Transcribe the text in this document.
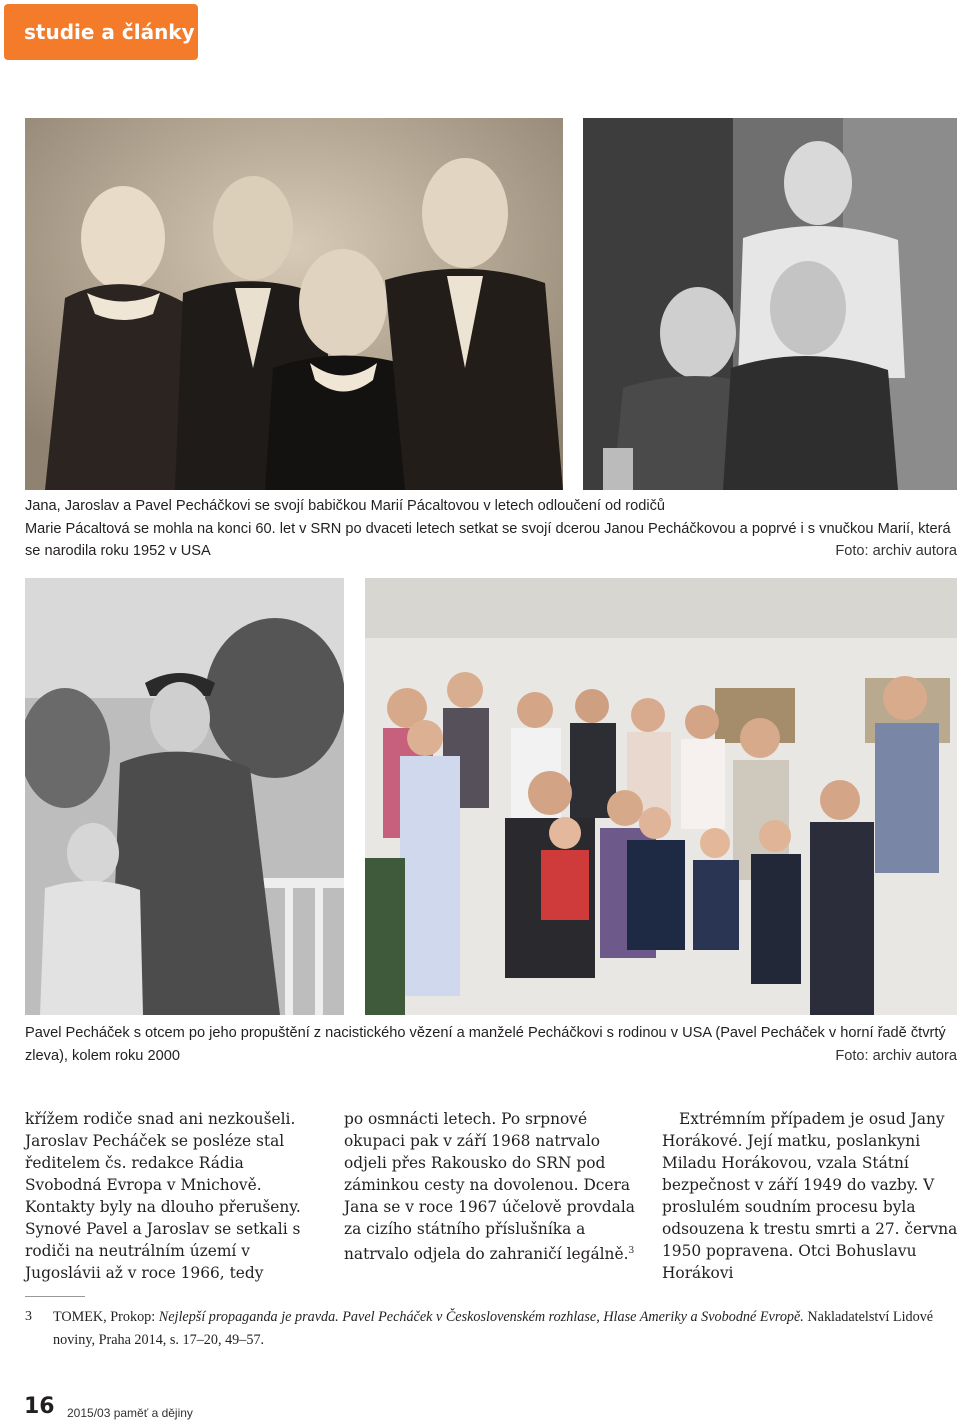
studie a články
Jana, Jaroslav a Pavel Pecháčkovi se svojí babičkou Marií Pácaltovou v letech odloučení od rodičů
Marie Pácaltová se mohla na konci 60. let v SRN po dvaceti letech setkat se svojí dcerou Janou Pecháčkovou a poprvé i s vnučkou Marií, která
se narodila roku 1952 v USA	Foto: archiv autora
Pavel Pecháček s otcem po jeho propuštění z nacistického vězení a manželé Pecháčkovi s rodinou v USA (Pavel Pecháček v horní řadě čtvrtý
zleva), kolem roku 2000	Foto: archiv autora

křížem rodiče snad ani nezkoušeli. Jaroslav Pecháček se posléze stal ředitelem čs. redakce Rádia Svobodná Evropa v Mnichově. Kontakty byly na dlouho přerušeny. Synové Pavel a Jaroslav se setkali s rodiči na neutrálním území v Jugoslávii až v roce 1966, tedy

po osmnácti letech. Po srpnové okupaci pak v září 1968 natrvalo odjeli přes Rakousko do SRN pod záminkou cesty na dovolenou. Dcera Jana se v roce 1967 účelově provdala za cizího státního příslušníka a natrvalo odjela do zahraničí legálně.$^3$

Extrémním případem je osud Jany Horákové. Její matku, poslankyni Miladu Horákovou, vzala Státní bezpečnost v září 1949 do vazby. V proslulém soudním procesu byla odsouzena k trestu smrti a 27. června 1950 popravena. Otci Bohuslavu Horákovi

3 TOMEK, Prokop: Nejlepší propaganda je pravda. Pavel Pecháček v Československém rozhlase, Hlase Ameriky a Svobodné Evropě. Nakladatelství Lidové noviny, Praha 2014, s. 17–20, 49–57.
16 2015/03 paměť a dějiny
